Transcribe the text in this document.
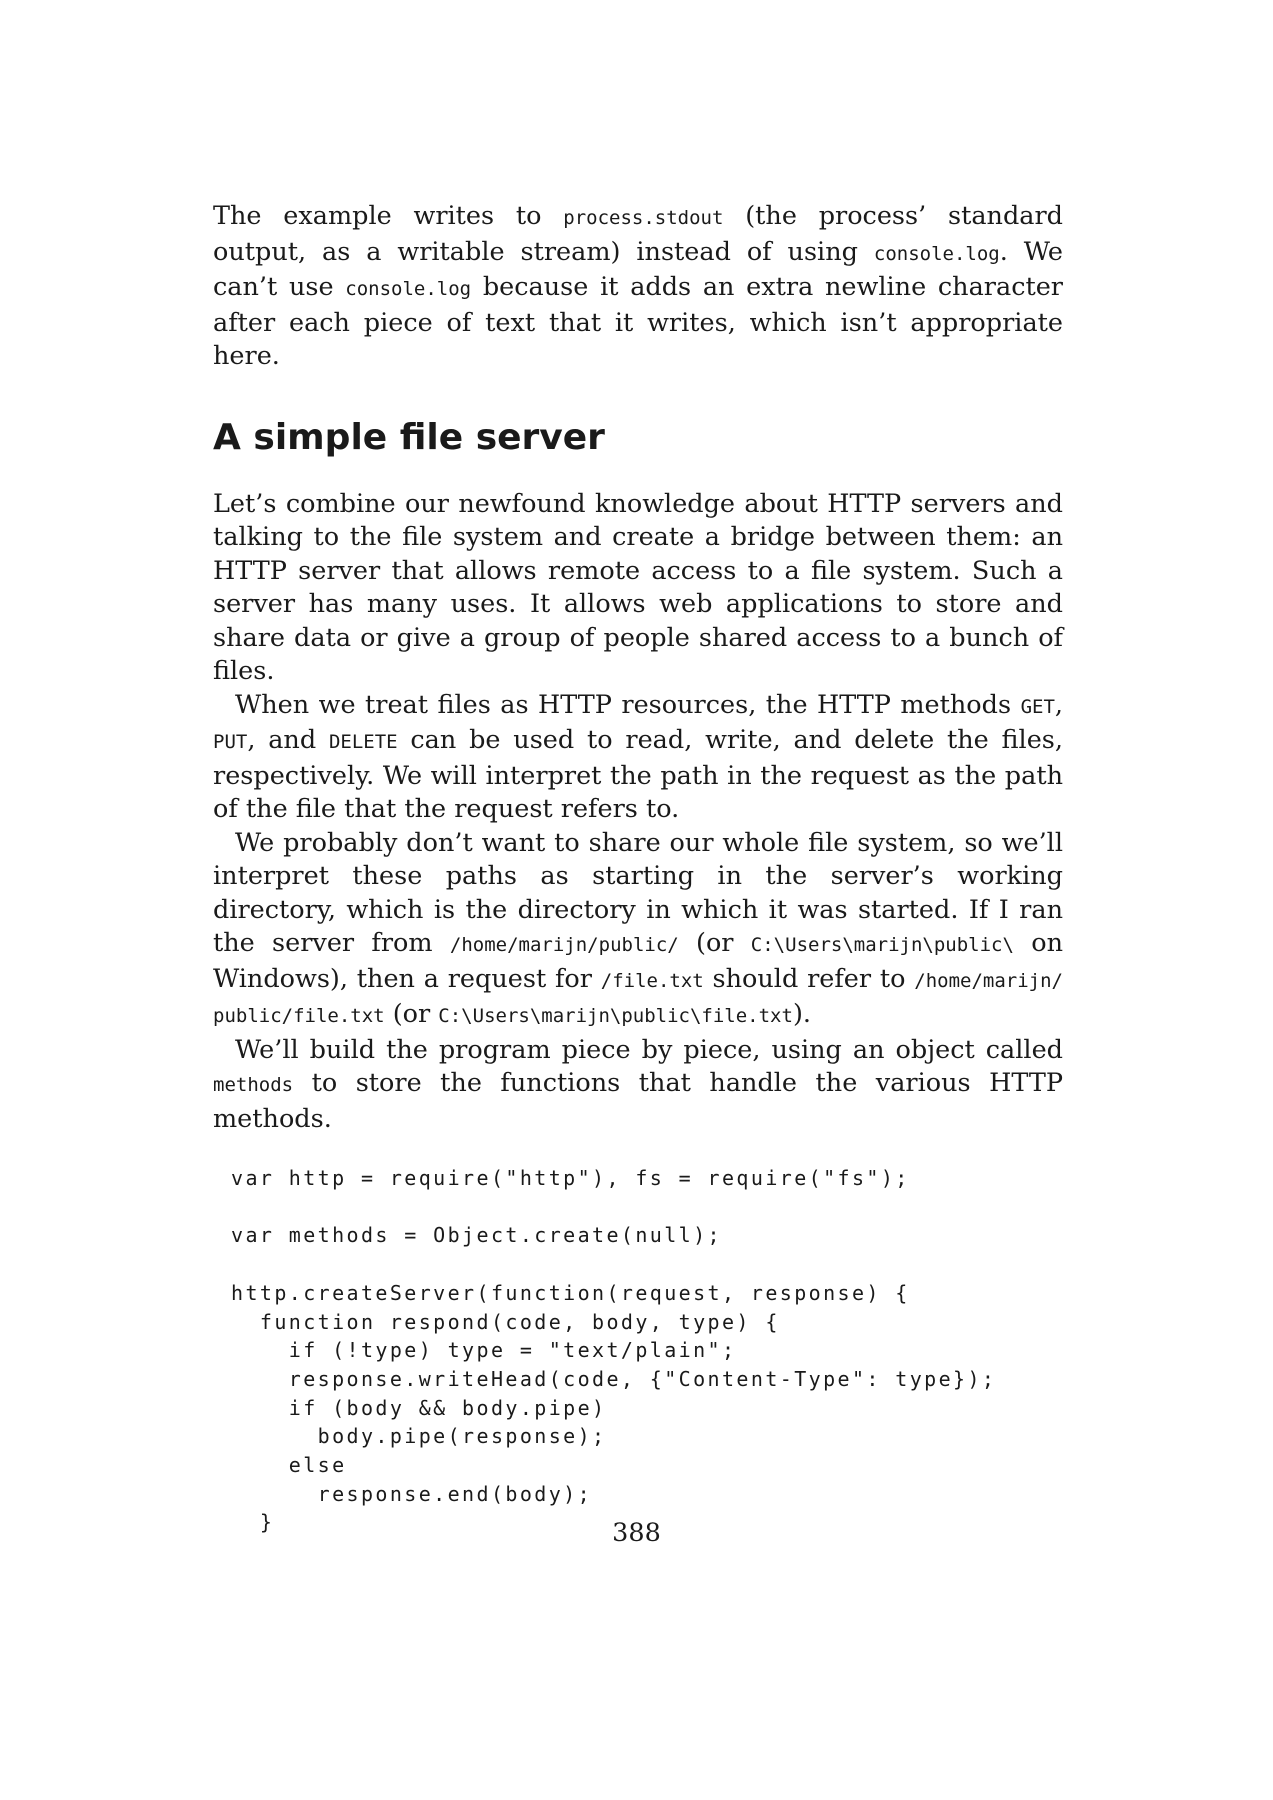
The example writes to process.stdout (the process’ standard output, as a writable stream) instead of using console.log. We can’t use console.log because it adds an extra newline character after each piece of text that it writes, which isn’t appropriate here.

A simple file server

Let’s combine our newfound knowledge about HTTP servers and talking to the file system and create a bridge between them: an HTTP server that allows remote access to a file system. Such a server has many uses. It allows web applications to store and share data or give a group of people shared access to a bunch of files.

When we treat files as HTTP resources, the HTTP methods GET, PUT, and DELETE can be used to read, write, and delete the files, respectively. We will interpret the path in the request as the path of the file that the request refers to.

We probably don’t want to share our whole file system, so we’ll interpret these paths as starting in the server’s working directory, which is the directory in which it was started. If I ran the server from /home/marijn/public/ (or C:\Users\marijn\public\ on Windows), then a request for /file.txt should refer to /home/marijn/public/file.txt (or C:\Users\marijn\public\file.txt).

We’ll build the program piece by piece, using an object called methods to store the functions that handle the various HTTP methods.

var http = require("http"), fs = require("fs");

var methods = Object.create(null);

http.createServer(function(request, response) {
function respond(code, body, type) {
if (!type) type = "text/plain";
response.writeHead(code, {"Content-Type": type});
if (body && body.pipe)
body.pipe(response);
else
response.end(body);
}	388
